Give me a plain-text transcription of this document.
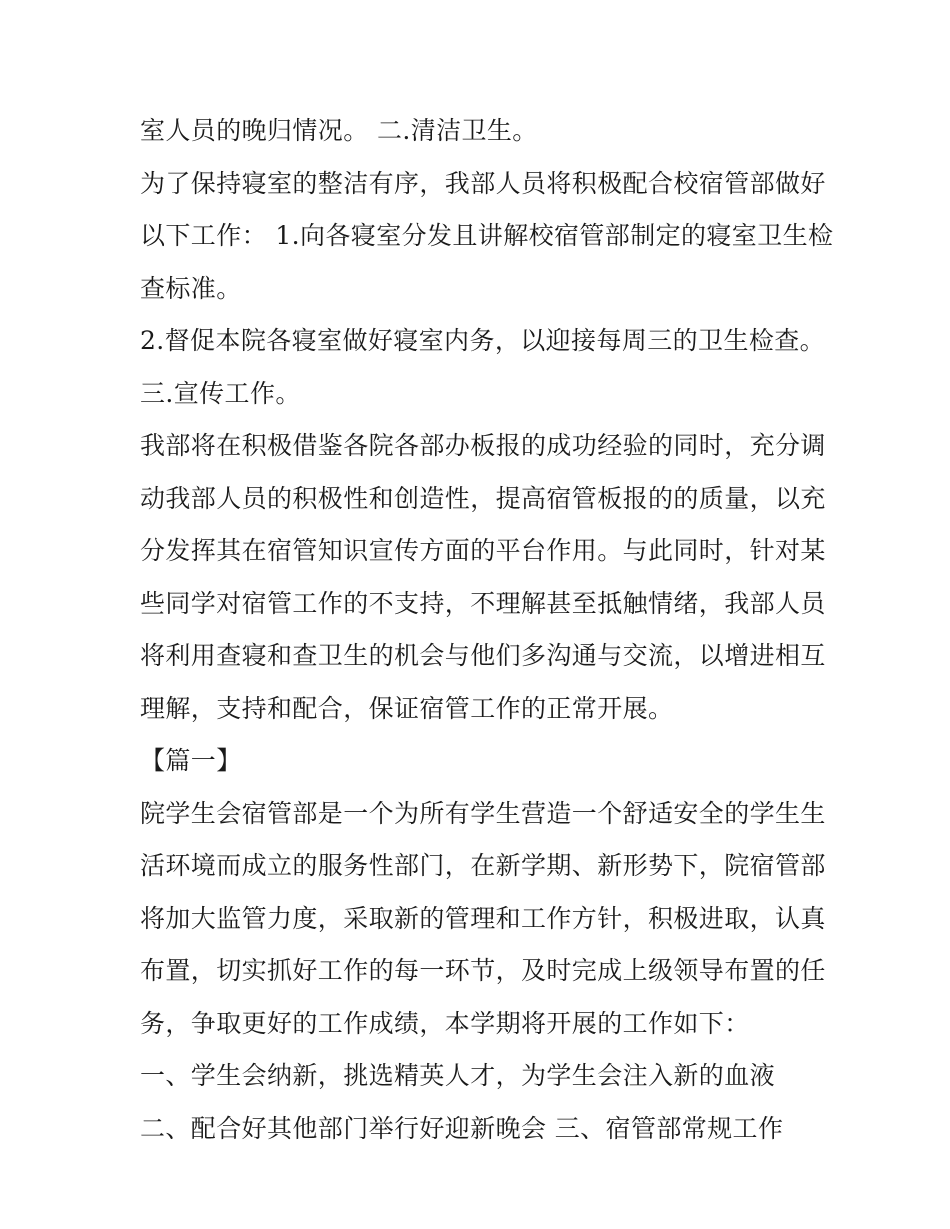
室人员的晚归情况。 二.清洁卫生。
为了保持寝室的整洁有序，我部人员将积极配合校宿管部做好
以下工作： 1.向各寝室分发且讲解校宿管部制定的寝室卫生检
查标准。
2.督促本院各寝室做好寝室内务，以迎接每周三的卫生检查。
三.宣传工作。
我部将在积极借鉴各院各部办板报的成功经验的同时，充分调
动我部人员的积极性和创造性，提高宿管板报的的质量，以充
分发挥其在宿管知识宣传方面的平台作用。与此同时，针对某
些同学对宿管工作的不支持，不理解甚至抵触情绪，我部人员
将利用查寝和查卫生的机会与他们多沟通与交流，以增进相互
理解，支持和配合，保证宿管工作的正常开展。
【篇一】
院学生会宿管部是一个为所有学生营造一个舒适安全的学生生
活环境而成立的服务性部门，在新学期、新形势下，院宿管部
将加大监管力度，采取新的管理和工作方针，积极进取，认真
布置，切实抓好工作的每一环节，及时完成上级领导布置的任
务，争取更好的工作成绩，本学期将开展的工作如下：
一、学生会纳新，挑选精英人才，为学生会注入新的血液
二、配合好其他部门举行好迎新晚会 三、宿管部常规工作
